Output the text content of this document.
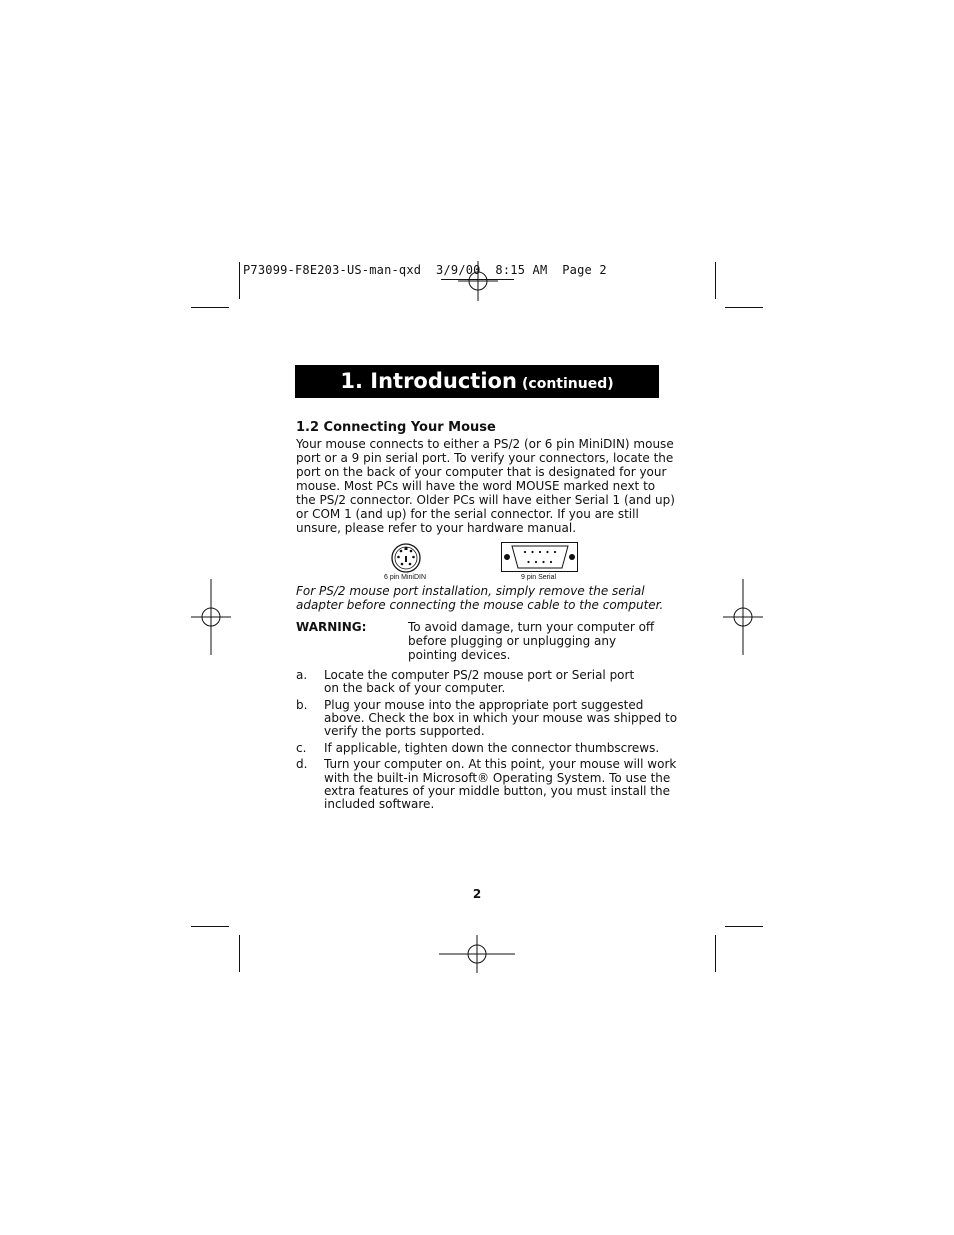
P73099-F8E203-US-man-qxd  3/9/00  8:15 AM  Page 2
1. Introduction (continued)
1.2 Connecting Your Mouse
Your mouse connects to either a PS/2 (or 6 pin MiniDIN) mouse
port or a 9 pin serial port. To verify your connectors, locate the
port on the back of your computer that is designated for your
mouse. Most PCs will have the word MOUSE marked next to
the PS/2 connector. Older PCs will have either Serial 1 (and up)
or COM 1 (and up) for the serial connector. If you are still
unsure, please refer to your hardware manual.
6 pin MiniDIN	9 pin Serial
For PS/2 mouse port installation, simply remove the serial
adapter before connecting the mouse cable to the computer.
WARNING:	To avoid damage, turn your computer off
before plugging or unplugging any
pointing devices.
a. Locate the computer PS/2 mouse port or Serial port
on the back of your computer.
b. Plug your mouse into the appropriate port suggested
above. Check the box in which your mouse was shipped to
verify the ports supported.
c. If applicable, tighten down the connector thumbscrews.
d. Turn your computer on. At this point, your mouse will work
with the built-in Microsoft® Operating System. To use the
extra features of your middle button, you must install the
included software.
2
